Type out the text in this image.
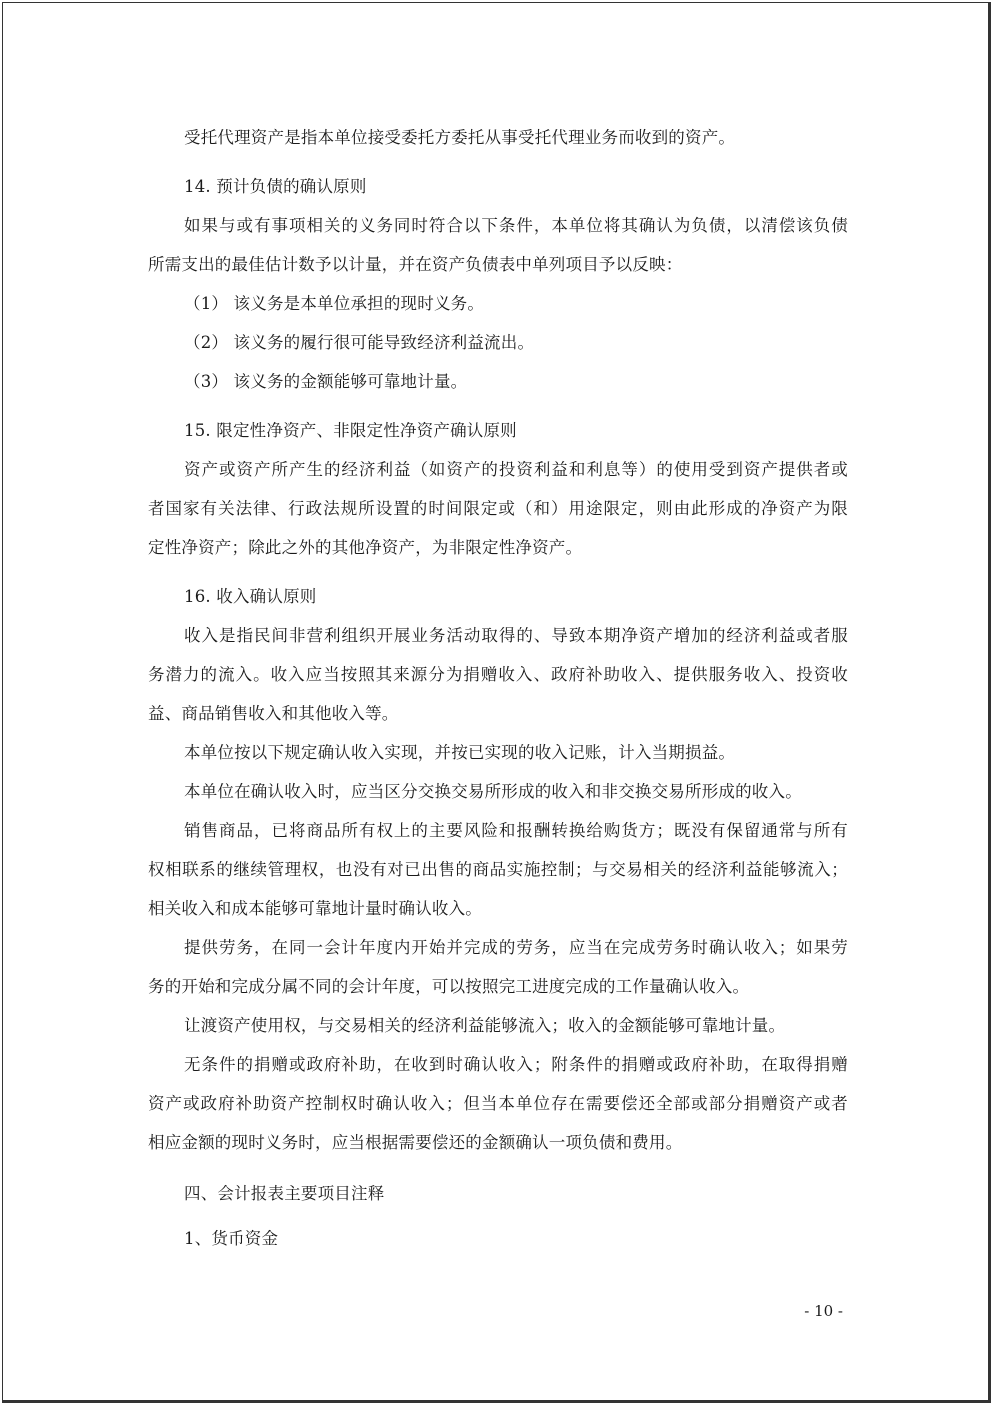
受托代理资产是指本单位接受委托方委托从事受托代理业务而收到的资产。
14. 预计负债的确认原则
如果与或有事项相关的义务同时符合以下条件，本单位将其确认为负债，以清偿该负债
所需支出的最佳估计数予以计量，并在资产负债表中单列项目予以反映：
（1） 该义务是本单位承担的现时义务。
（2） 该义务的履行很可能导致经济利益流出。
（3） 该义务的金额能够可靠地计量。
15. 限定性净资产、非限定性净资产确认原则
资产或资产所产生的经济利益（如资产的投资利益和利息等）的使用受到资产提供者或
者国家有关法律、行政法规所设置的时间限定或（和）用途限定，则由此形成的净资产为限
定性净资产；除此之外的其他净资产，为非限定性净资产。
16. 收入确认原则
收入是指民间非营利组织开展业务活动取得的、导致本期净资产增加的经济利益或者服
务潜力的流入。收入应当按照其来源分为捐赠收入、政府补助收入、提供服务收入、投资收
益、商品销售收入和其他收入等。
本单位按以下规定确认收入实现，并按已实现的收入记账，计入当期损益。
本单位在确认收入时，应当区分交换交易所形成的收入和非交换交易所形成的收入。
销售商品，已将商品所有权上的主要风险和报酬转换给购货方；既没有保留通常与所有
权相联系的继续管理权，也没有对已出售的商品实施控制；与交易相关的经济利益能够流入；
相关收入和成本能够可靠地计量时确认收入。
提供劳务，在同一会计年度内开始并完成的劳务，应当在完成劳务时确认收入；如果劳
务的开始和完成分属不同的会计年度，可以按照完工进度完成的工作量确认收入。
让渡资产使用权，与交易相关的经济利益能够流入；收入的金额能够可靠地计量。
无条件的捐赠或政府补助，在收到时确认收入；附条件的捐赠或政府补助，在取得捐赠
资产或政府补助资产控制权时确认收入；但当本单位存在需要偿还全部或部分捐赠资产或者
相应金额的现时义务时，应当根据需要偿还的金额确认一项负债和费用。
四、会计报表主要项目注释
1、货币资金
- 10 -
